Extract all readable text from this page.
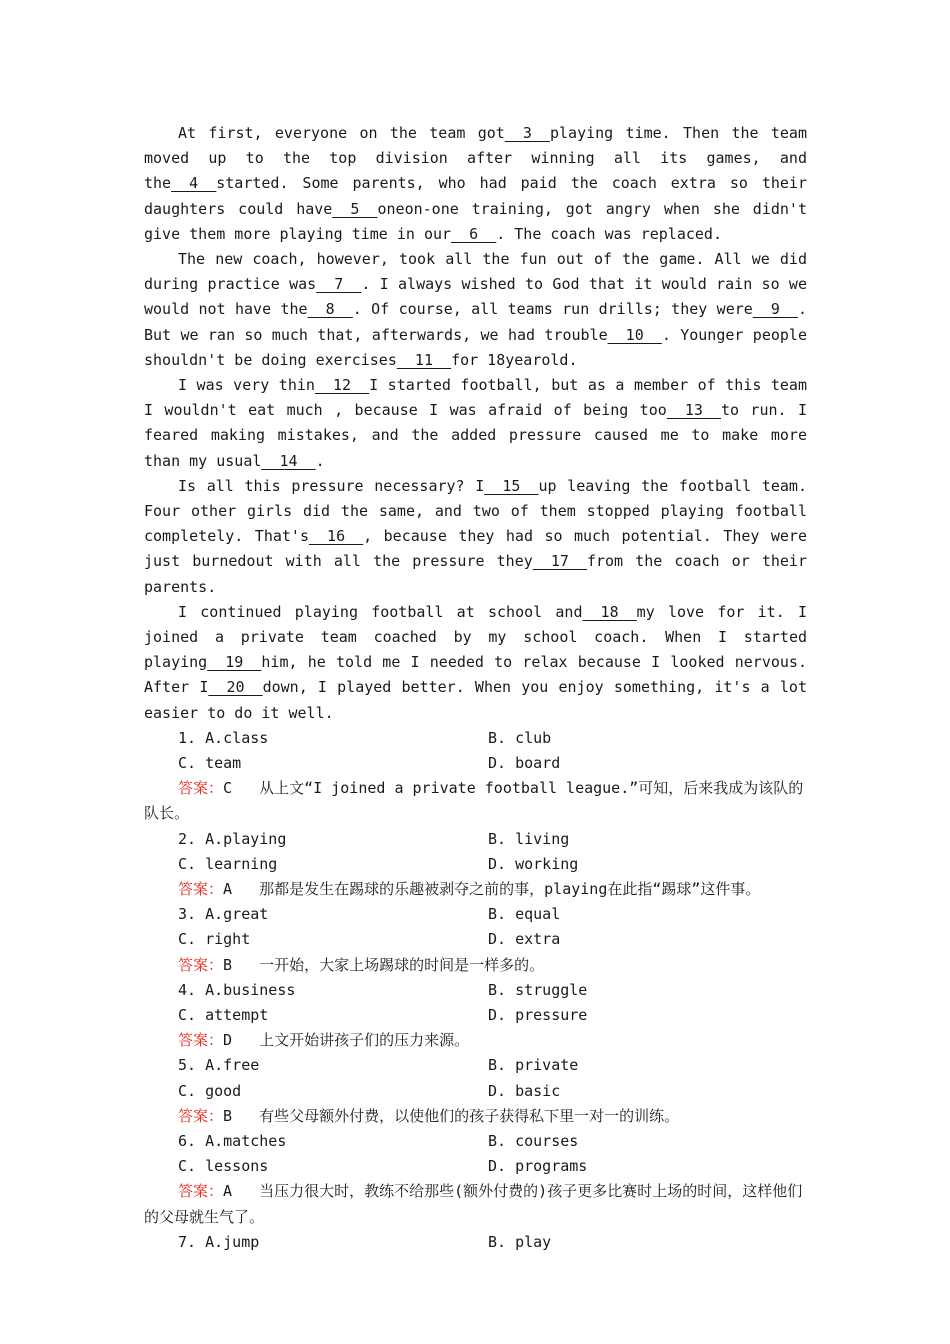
At first, everyone on the team got__3__playing time. Then the team moved up to the top division after winning all its games, and the__4__started. Some parents, who had paid the coach extra so their daughters could have__5__oneon-one training, got angry when she didn't give them more playing time in our__6__. The coach was replaced.
The new coach, however, took all the fun out of the game. All we did during practice was__7__. I always wished to God that it would rain so we would not have the__8__. Of course, all teams run drills; they were__9__. But we ran so much that, afterwards, we had trouble__10__. Younger people shouldn't be doing exercises__11__for 18yearold.
I was very thin__12__I started football, but as a member of this team I wouldn't eat much , because I was afraid of being too__13__to run. I feared making mistakes, and the added pressure caused me to make more than my usual__14__.
Is all this pressure necessary? I__15__up leaving the football team. Four other girls did the same, and two of them stopped playing football completely. That's__16__, because they had so much potential. They were just burnedout with all the pressure they__17__from the coach or their parents.
I continued playing football at school and__18__my love for it. I joined a private team coached by my school coach. When I started playing__19__him, he told me I needed to relax because I looked nervous. After I__20__down, I played better. When you enjoy something, it's a lot easier to do it well.
1. A.class	B. club
C. team	D. board
答案：C 从上文“I joined a private football league.”可知，后来我成为该队的队长。
2. A.playing	B. living
C. learning	D. working
答案：A 那都是发生在踢球的乐趣被剥夺之前的事，playing在此指“踢球”这件事。
3. A.great	B. equal
C. right	D. extra
答案：B 一开始，大家上场踢球的时间是一样多的。
4. A.business	B. struggle
C. attempt	D. pressure
答案：D 上文开始讲孩子们的压力来源。
5. A.free	B. private
C. good	D. basic
答案：B 有些父母额外付费，以使他们的孩子获得私下里一对一的训练。
6. A.matches	B. courses
C. lessons	D. programs
答案：A 当压力很大时，教练不给那些(额外付费的)孩子更多比赛时上场的时间，这样他们的父母就生气了。
7. A.jump	B. play
